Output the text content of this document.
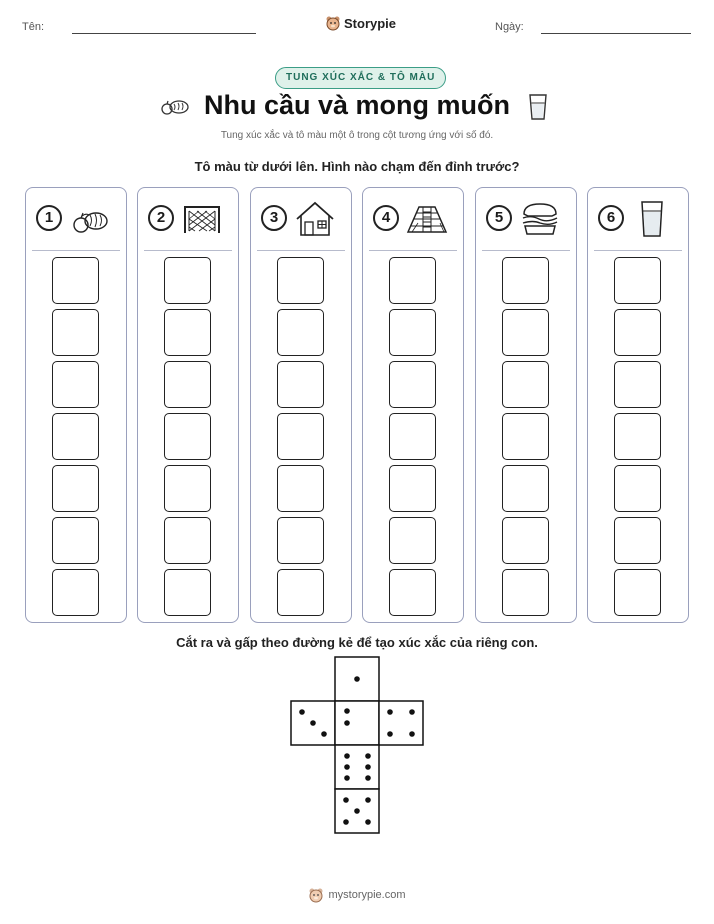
Tên:	Storypie	Ngày:
TUNG XÚC XẮC & TÔ MÀU
Nhu cầu và mong muốn
Tung xúc xắc và tô màu một ô trong cột tương ứng với số đó.
Tô màu từ dưới lên. Hình nào chạm đến đỉnh trước?
1	2	3	4	5	6
Cắt ra và gấp theo đường kẻ để tạo xúc xắc của riêng con.
mystorypie.com
